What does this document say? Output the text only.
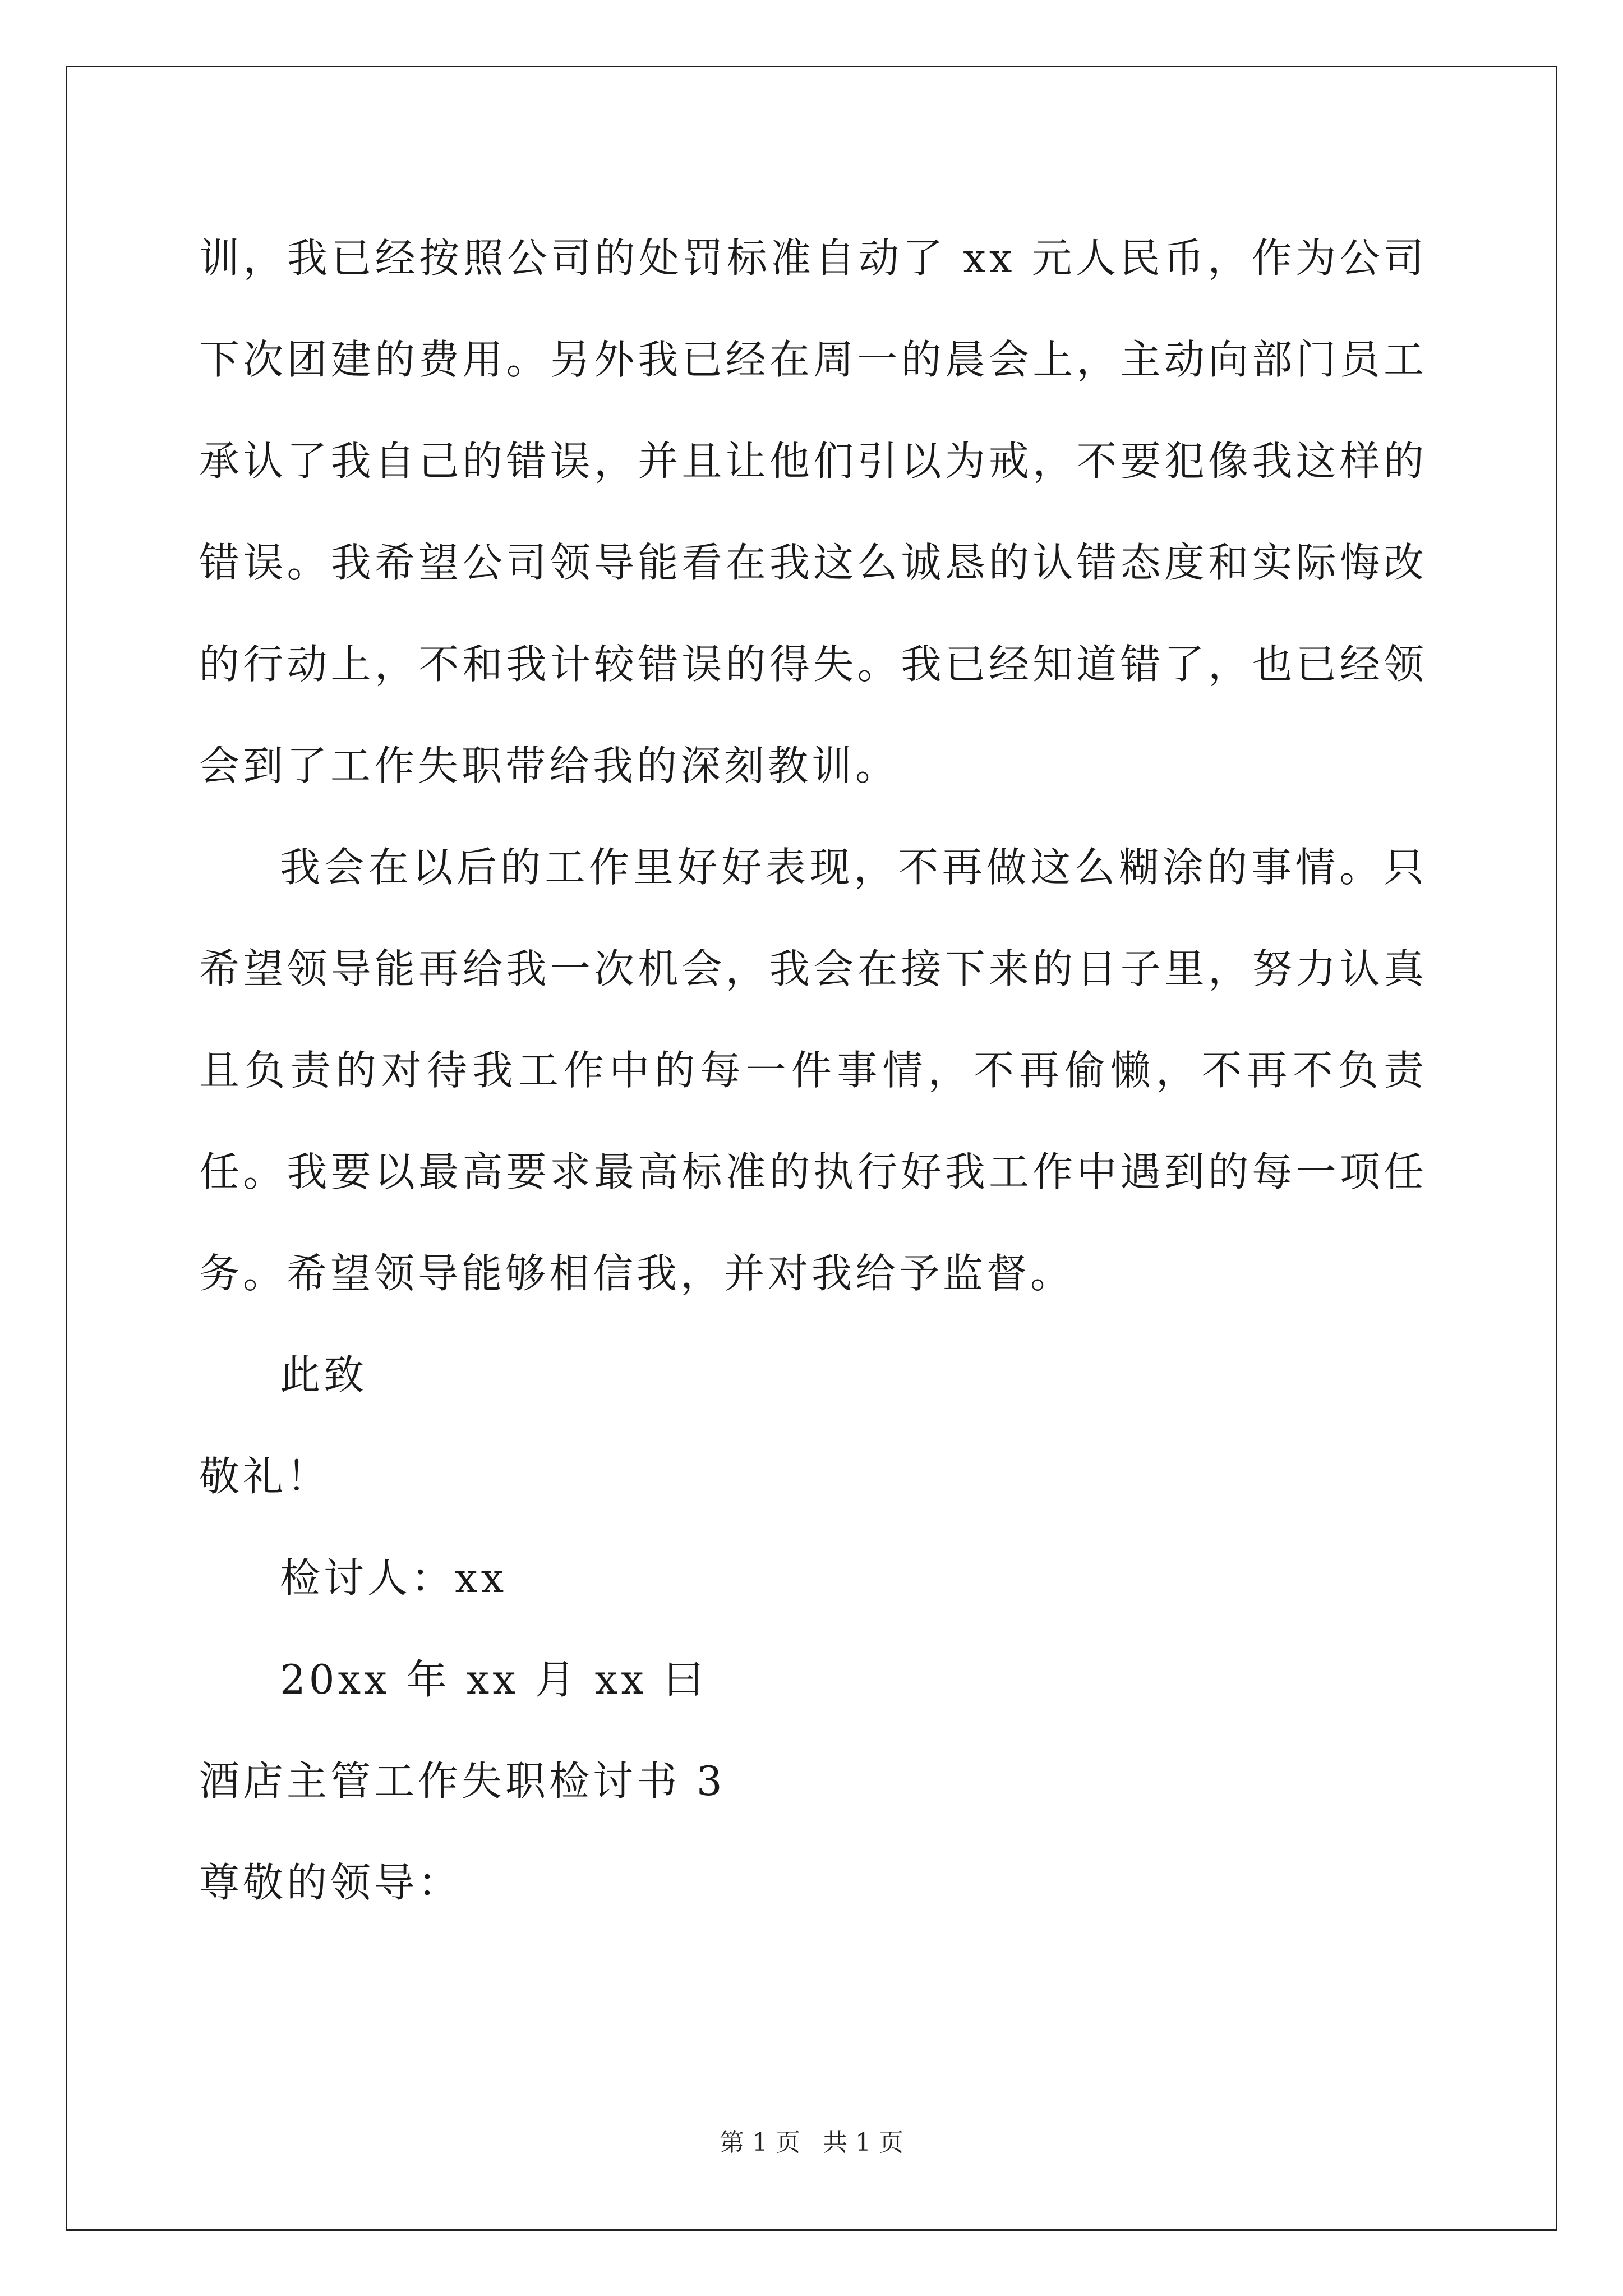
训，我已经按照公司的处罚标准自动了 xx 元人民币，作为公司下次团建的费用。另外我已经在周一的晨会上，主动向部门员工承认了我自己的错误，并且让他们引以为戒，不要犯像我这样的错误。我希望公司领导能看在我这么诚恳的认错态度和实际悔改的行动上，不和我计较错误的得失。我已经知道错了，也已经领会到了工作失职带给我的深刻教训。

我会在以后的工作里好好表现，不再做这么糊涂的事情。只希望领导能再给我一次机会，我会在接下来的日子里，努力认真且负责的对待我工作中的每一件事情，不再偷懒，不再不负责任。我要以最高要求最高标准的执行好我工作中遇到的每一项任务。希望领导能够相信我，并对我给予监督。

此致

敬礼！

检讨人：xx

20xx 年 xx 月 xx 曰

酒店主管工作失职检讨书 3

尊敬的领导：

第 1 页 共 1 页
